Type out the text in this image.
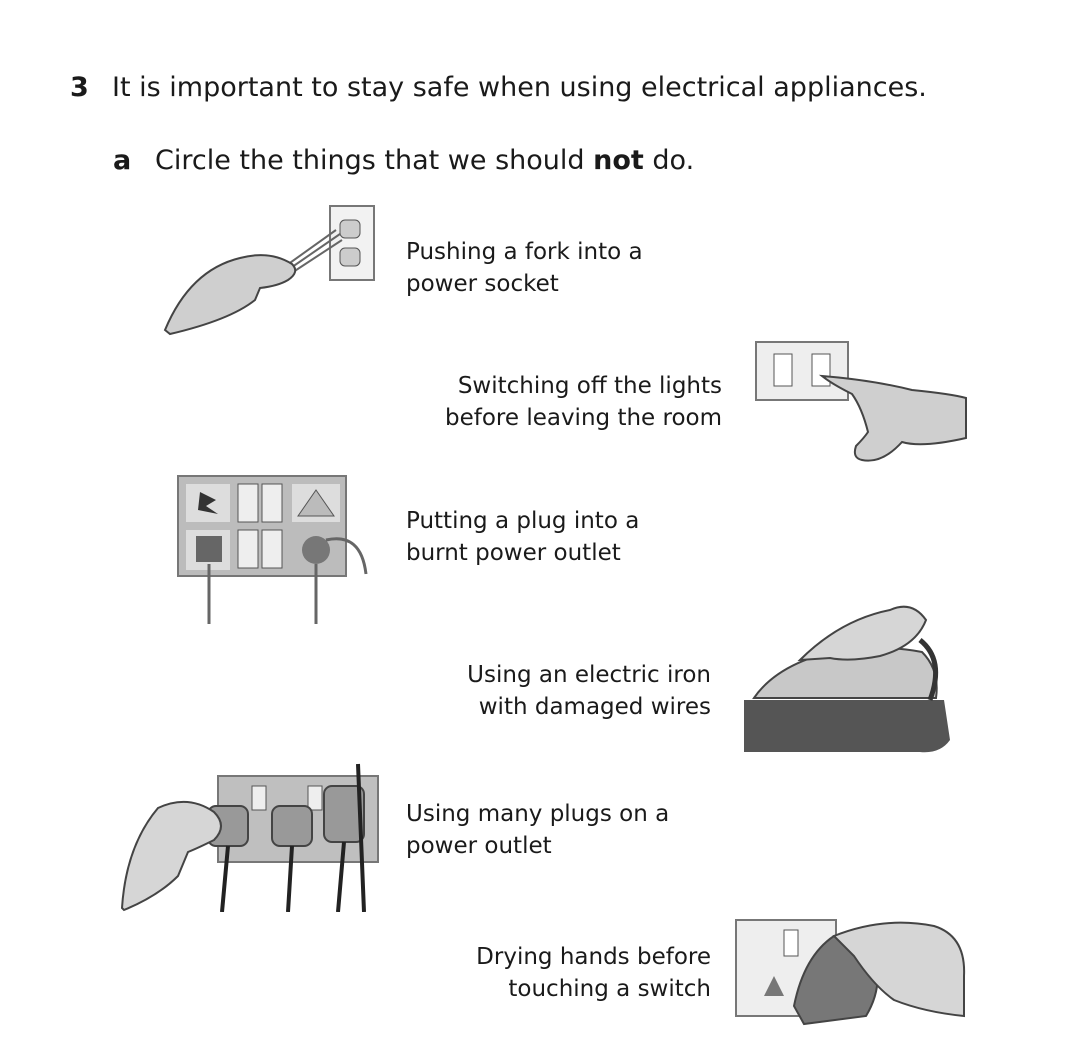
3 It is important to stay safe when using electrical appliances.
a Circle the things that we should not do.
Pushing a fork into a
power socket
Switching off the lights
before leaving the room
Putting a plug into a
burnt power outlet
Using an electric iron
with damaged wires
Using many plugs on a
power outlet
Drying hands before
touching a switch
